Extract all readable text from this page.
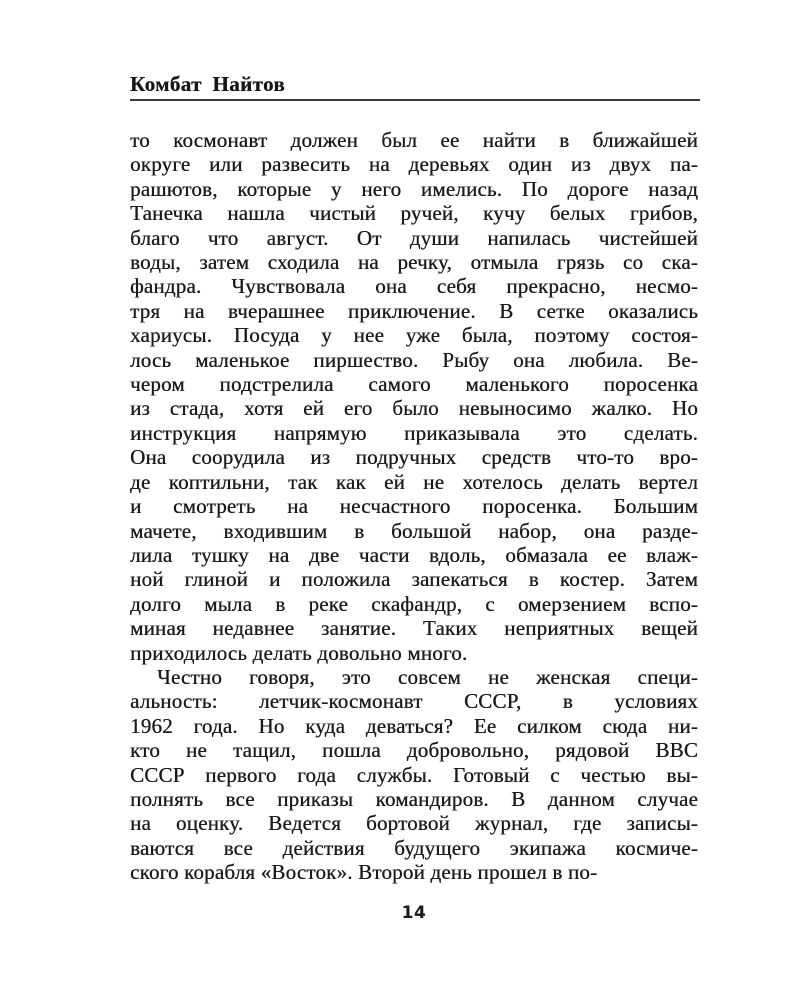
Комбат Найтов
то космонавт должен был ее найти в ближайшей
округе или развесить на деревьях один из двух па-
рашютов, которые у него имелись. По дороге назад
Танечка нашла чистый ручей, кучу белых грибов,
благо что август. От души напилась чистейшей
воды, затем сходила на речку, отмыла грязь со ска-
фандра. Чувствовала она себя прекрасно, несмо-
тря на вчерашнее приключение. В сетке оказались
хариусы. Посуда у нее уже была, поэтому состоя-
лось маленькое пиршество. Рыбу она любила. Ве-
чером подстрелила самого маленького поросенка
из стада, хотя ей его было невыносимо жалко. Но
инструкция напрямую приказывала это сделать.
Она соорудила из подручных средств что-то вро-
де коптильни, так как ей не хотелось делать вертел
и смотреть на несчастного поросенка. Большим
мачете, входившим в большой набор, она разде-
лила тушку на две части вдоль, обмазала ее влаж-
ной глиной и положила запекаться в костер. Затем
долго мыла в реке скафандр, с омерзением вспо-
миная недавнее занятие. Таких неприятных вещей
приходилось делать довольно много.
Честно говоря, это совсем не женская специ-
альность: летчик-космонавт СССР, в условиях
1962 года. Но куда деваться? Ее силком сюда ни-
кто не тащил, пошла добровольно, рядовой ВВС
СССР первого года службы. Готовый с честью вы-
полнять все приказы командиров. В данном случае
на оценку. Ведется бортовой журнал, где записы-
ваются все действия будущего экипажа космиче-
ского корабля «Восток». Второй день прошел в по-
14
